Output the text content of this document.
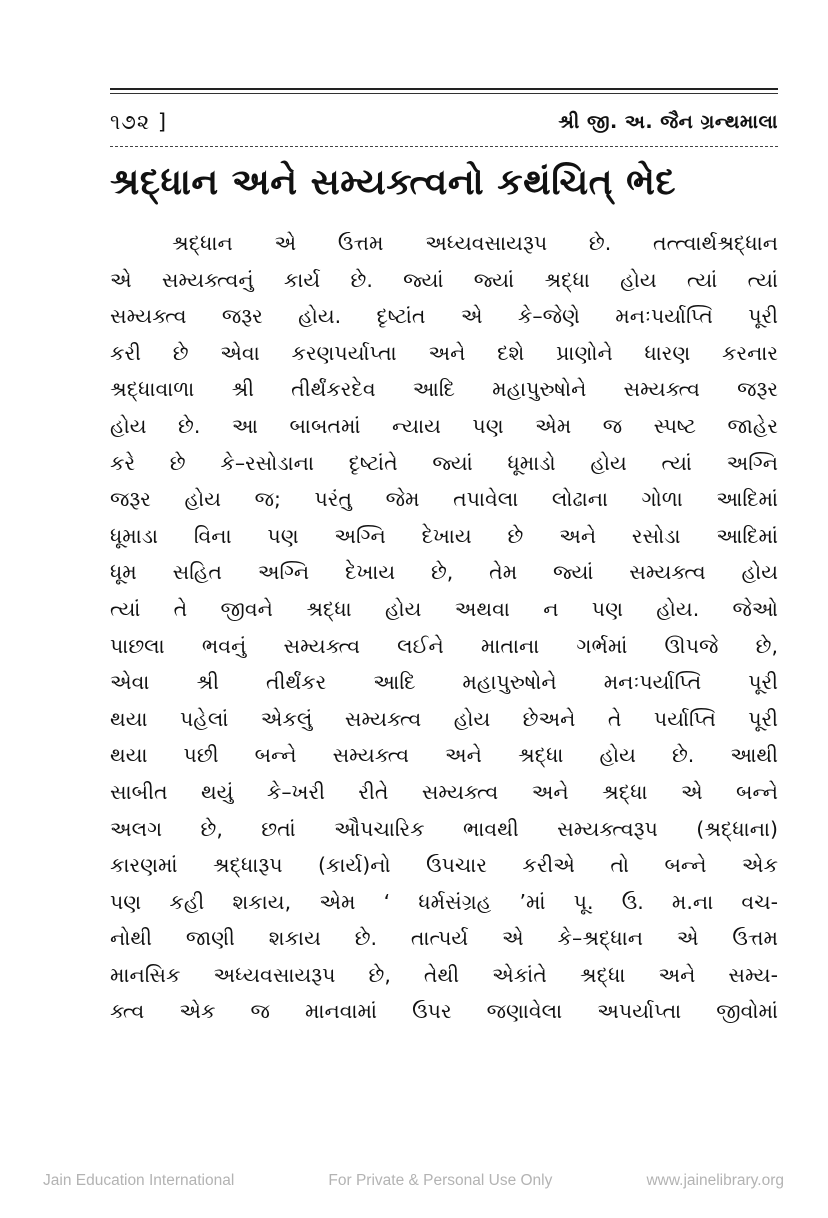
૧૭૨ ]	શ્રી જી. અ. જૈન ગ્રન્થમાલા
શ્રદ્ધાન અને સમ્યક્ત્વનો કથંચિત્ ભેદ
શ્રદ્ધાન એ ઉત્તમ અધ્યવસાયરૂપ છે. તત્ત્વાર્થશ્રદ્ધાન
એ સમ્યક્ત્વનું કાર્ય છે. જ્યાં જ્યાં શ્રદ્ધા હોય ત્યાં ત્યાં
સમ્યક્ત્વ જરૂર હોય. દૃષ્ટાંત એ કે–જેણે મનઃપર્યાપ્તિ પૂરી
કરી છે એવા કરણપર્યાપ્તા અને દશે પ્રાણોને ધારણ કરનાર
શ્રદ્ધાવાળા શ્રી તીર્થંકરદેવ આદિ મહાપુરુષોને સમ્યક્ત્વ જરૂર
હોય છે. આ બાબતમાં ન્યાય પણ એમ જ સ્પષ્ટ જાહેર
કરે છે કે–રસોડાના દૃષ્ટાંતે જ્યાં ધૂમાડો હોય ત્યાં અગ્નિ
જરૂર હોય જ; પરંતુ જેમ તપાવેલા લોઢાના ગોળા આદિમાં
ધૂમાડા વિના પણ અગ્નિ દેખાય છે અને રસોડા આદિમાં
ધૂમ સહિત અગ્નિ દેખાય છે, તેમ જ્યાં સમ્યક્ત્વ હોય
ત્યાં તે જીવને શ્રદ્ધા હોય અથવા ન પણ હોય. જેઓ
પાછલા ભવનું સમ્યક્ત્વ લઈને માતાના ગર્ભમાં ઊપજે છે,
એવા શ્રી તીર્થંકર આદિ મહાપુરુષોને મનઃપર્યાપ્તિ પૂરી
થયા પહેલાં એકલું સમ્યક્ત્વ હોય છેઅને તે પર્યાપ્તિ પૂરી
થયા પછી બન્ને સમ્યક્ત્વ અને શ્રદ્ધા હોય છે. આથી
સાબીત થયું કે–ખરી રીતે સમ્યક્ત્વ અને શ્રદ્ધા એ બન્ને
અલગ છે, છતાં ઔપચારિક ભાવથી સમ્યક્ત્વરૂપ (શ્રદ્ધાના)
કારણમાં શ્રદ્ધારૂપ (કાર્ય)નો ઉપચાર કરીએ તો બન્ને એક
પણ કહી શકાય, એમ ‘ ધર્મસંગ્રહ ’માં પૂ. ઉ. મ.ના વચ-
નોથી જાણી શકાય છે. તાત્પર્ય એ કે–શ્રદ્ધાન એ ઉત્તમ
માનસિક અધ્યવસાયરૂપ છે, તેથી એકાંતે શ્રદ્ધા અને સમ્ય-
ક્ત્વ એક જ માનવામાં ઉપર જણાવેલા અપર્યાપ્તા જીવોમાં
Jain Education International	For Private & Personal Use Only	www.jainelibrary.org
